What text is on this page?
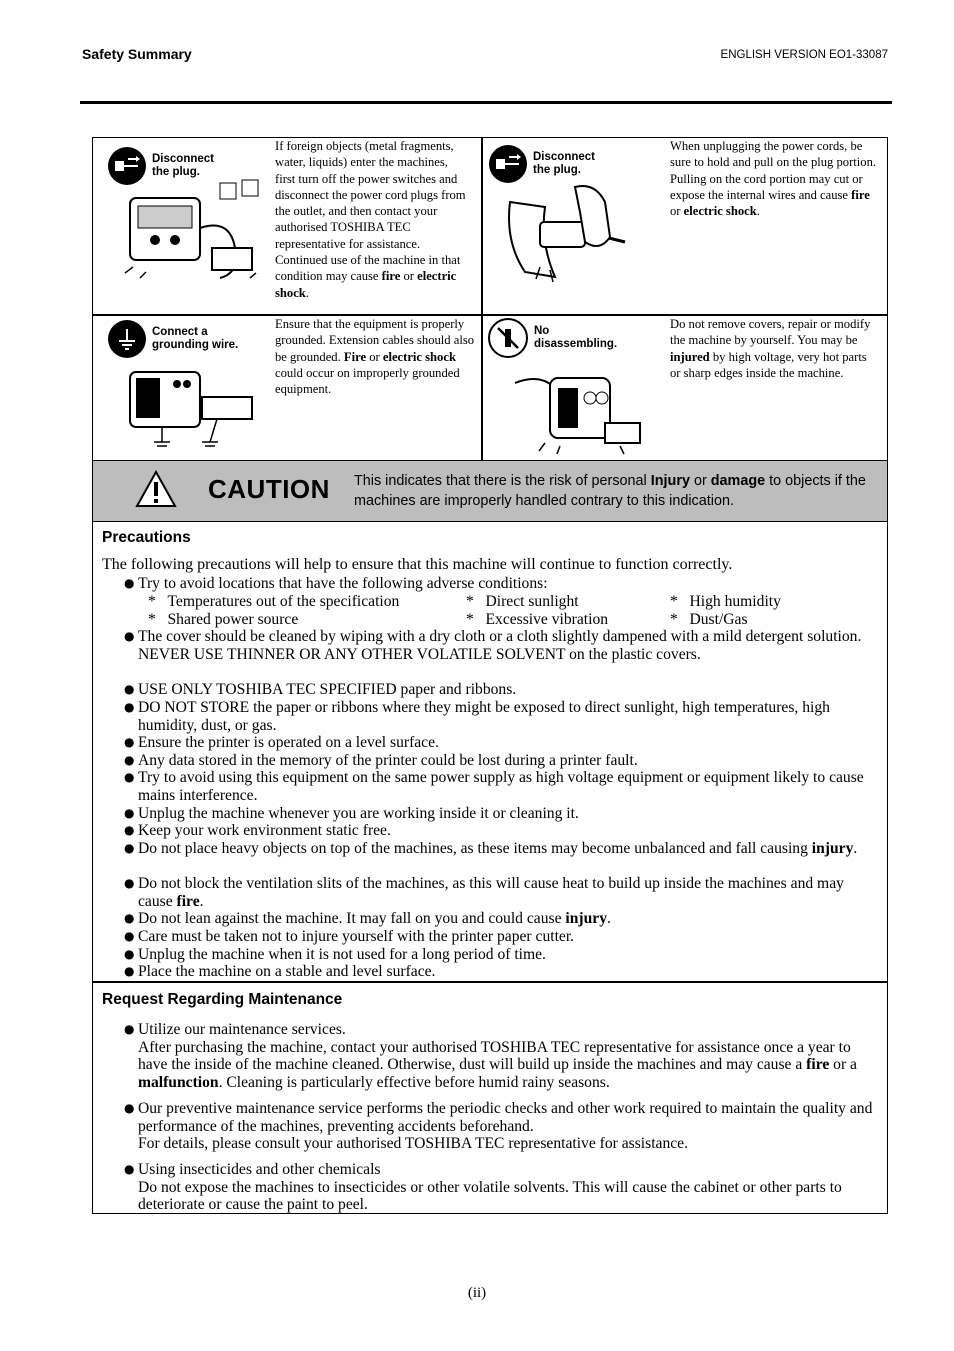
Safety Summary	ENGLISH VERSION EO1-33087
Disconnect
the plug.
If foreign objects (metal fragments, water, liquids) enter the machines, first turn off the power switches and disconnect the power cord plugs from the outlet, and then contact your authorised TOSHIBA TEC representative for assistance. Continued use of the machine in that condition may cause fire or electric shock.
Disconnect
the plug.
When unplugging the power cords, be sure to hold and pull on the plug portion. Pulling on the cord portion may cut or expose the internal wires and cause fire or electric shock.
Connect a
grounding wire.
Ensure that the equipment is properly grounded. Extension cables should also be grounded. Fire or electric shock could occur on improperly grounded equipment.
No
disassembling.
Do not remove covers, repair or modify the machine by yourself. You may be injured by high voltage, very hot parts or sharp edges inside the machine.
CAUTION This indicates that there is the risk of personal Injury or damage to objects if the machines are improperly handled contrary to this indication.
Precautions
The following precautions will help to ensure that this machine will continue to function correctly.
● Try to avoid locations that have the following adverse conditions:
*   Temperatures out of the specification	*   Direct sunlight	*   High humidity
*   Shared power source	*   Excessive vibration	*   Dust/Gas
● The cover should be cleaned by wiping with a dry cloth or a cloth slightly dampened with a mild detergent solution. NEVER USE THINNER OR ANY OTHER VOLATILE SOLVENT on the plastic covers.
● USE ONLY TOSHIBA TEC SPECIFIED paper and ribbons.
● DO NOT STORE the paper or ribbons where they might be exposed to direct sunlight, high temperatures, high humidity, dust, or gas.
● Ensure the printer is operated on a level surface.
● Any data stored in the memory of the printer could be lost during a printer fault.
● Try to avoid using this equipment on the same power supply as high voltage equipment or equipment likely to cause mains interference.
● Unplug the machine whenever you are working inside it or cleaning it.
● Keep your work environment static free.
● Do not place heavy objects on top of the machines, as these items may become unbalanced and fall causing injury.
● Do not block the ventilation slits of the machines, as this will cause heat to build up inside the machines and may cause fire.
● Do not lean against the machine. It may fall on you and could cause injury.
● Care must be taken not to injure yourself with the printer paper cutter.
● Unplug the machine when it is not used for a long period of time.
● Place the machine on a stable and level surface.
Request Regarding Maintenance
● Utilize our maintenance services.
After purchasing the machine, contact your authorised TOSHIBA TEC representative for assistance once a year to have the inside of the machine cleaned. Otherwise, dust will build up inside the machines and may cause a fire or a malfunction. Cleaning is particularly effective before humid rainy seasons.
● Our preventive maintenance service performs the periodic checks and other work required to maintain the quality and performance of the machines, preventing accidents beforehand.
For details, please consult your authorised TOSHIBA TEC representative for assistance.
● Using insecticides and other chemicals
Do not expose the machines to insecticides or other volatile solvents. This will cause the cabinet or other parts to deteriorate or cause the paint to peel.
(ii)
